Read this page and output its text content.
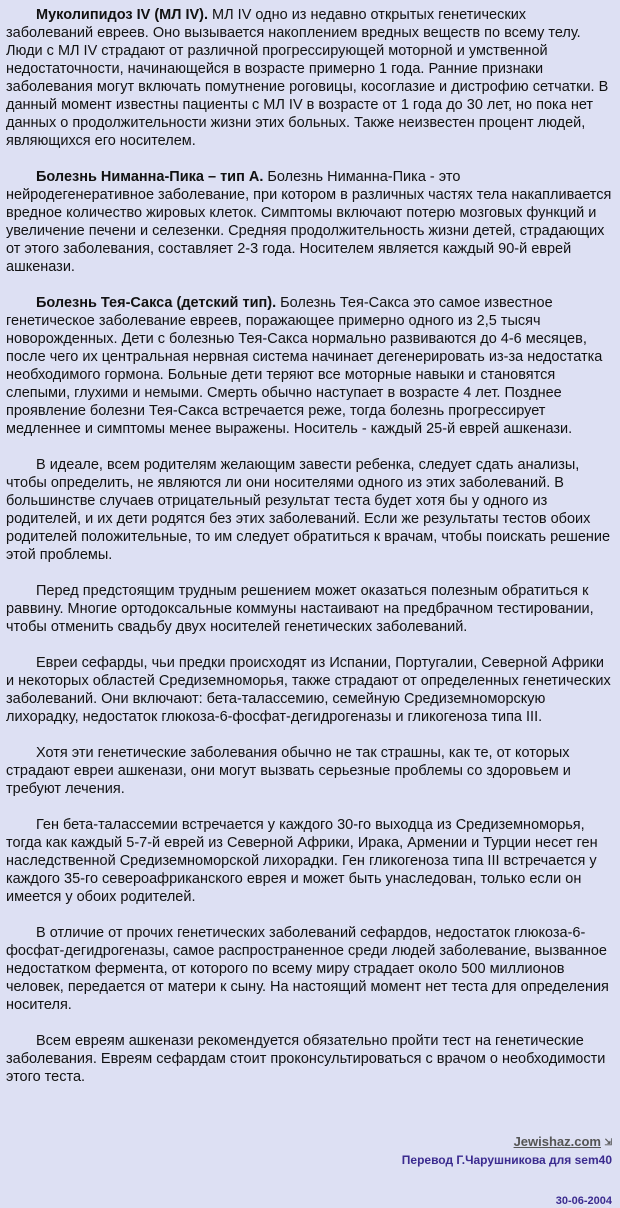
Муколипидоз IV (МЛ IV). МЛ IV одно из недавно открытых генетических заболеваний евреев. Оно вызывается накоплением вредных веществ по всему телу. Люди с МЛ IV страдают от различной прогрессирующей моторной и умственной недостаточности, начинающейся в возрасте примерно 1 года. Ранние признаки заболевания могут включать помутнение роговицы, косоглазие и дистрофию сетчатки. В данный момент известны пациенты с МЛ IV в возрасте от 1 года до 30 лет, но пока нет данных о продолжительности жизни этих больных. Также неизвестен процент людей, являющихся его носителем.

Болезнь Ниманна-Пика – тип А. Болезнь Ниманна-Пика - это нейродегенеративное заболевание, при котором в различных частях тела накапливается вредное количество жировых клеток. Симптомы включают потерю мозговых функций и увеличение печени и селезенки. Средняя продолжительность жизни детей, страдающих от этого заболевания, составляет 2-3 года. Носителем является каждый 90-й еврей ашкенази.

Болезнь Тея-Сакса (детский тип). Болезнь Тея-Сакса это самое известное генетическое заболевание евреев, поражающее примерно одного из 2,5 тысяч новорожденных. Дети с болезнью Тея-Сакса нормально развиваются до 4-6 месяцев, после чего их центральная нервная система начинает дегенерировать из-за недостатка необходимого гормона. Больные дети теряют все моторные навыки и становятся слепыми, глухими и немыми. Смерть обычно наступает в возрасте 4 лет. Позднее проявление болезни Тея-Сакса встречается реже, тогда болезнь прогрессирует медленнее и симптомы менее выражены. Носитель - каждый 25-й еврей ашкенази.

В идеале, всем родителям желающим завести ребенка, следует сдать анализы, чтобы определить, не являются ли они носителями одного из этих заболеваний. В большинстве случаев отрицательный результат теста будет хотя бы у одного из родителей, и их дети родятся без этих заболеваний. Если же результаты тестов обоих родителей положительные, то им следует обратиться к врачам, чтобы поискать решение этой проблемы.

Перед предстоящим трудным решением может оказаться полезным обратиться к раввину. Многие ортодоксальные коммуны настаивают на предбрачном тестировании, чтобы отменить свадьбу двух носителей генетических заболеваний.

Евреи сефарды, чьи предки происходят из Испании, Португалии, Северной Африки и некоторых областей Средиземноморья, также страдают от определенных генетических заболеваний. Они включают: бета-талассемию, семейную Средиземноморскую лихорадку, недостаток глюкоза-6-фосфат-дегидрогеназы и гликогеноза типа III.

Хотя эти генетические заболевания обычно не так страшны, как те, от которых страдают евреи ашкенази, они могут вызвать серьезные проблемы со здоровьем и требуют лечения.

Ген бета-талассемии встречается у каждого 30-го выходца из Средиземноморья, тогда как каждый 5-7-й еврей из Северной Африки, Ирака, Армении и Турции несет ген наследственной Средиземноморской лихорадки. Ген гликогеноза типа III встречается у каждого 35-го североафриканского еврея и может быть унаследован, только если он имеется у обоих родителей.

В отличие от прочих генетических заболеваний сефардов, недостаток глюкоза-6-фосфат-дегидрогеназы, самое распространенное среди людей заболевание, вызванное недостатком фермента, от которого по всему миру страдает около 500 миллионов человек, передается от матери к сыну. На настоящий момент нет теста для определения носителя.

Всем евреям ашкенази рекомендуется обязательно пройти тест на генетические заболевания. Евреям сефардам стоит проконсультироваться с врачом о необходимости этого теста.

Jewishaz.com ⇲
Перевод Г.Чарушникова для sem40
30-06-2004
